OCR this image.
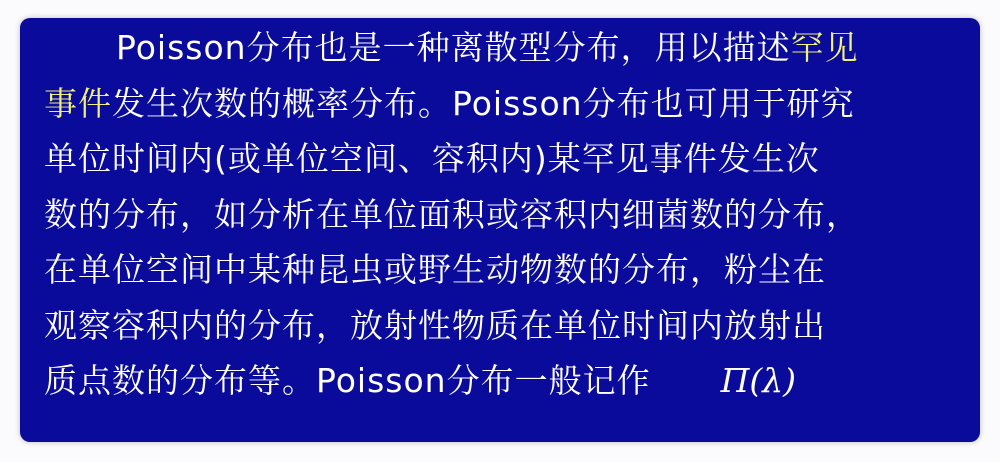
Poisson分布也是一种离散型分布，用以描述罕见
事件发生次数的概率分布。Poisson分布也可用于研究
单位时间内(或单位空间、容积内)某罕见事件发生次
数的分布，如分析在单位面积或容积内细菌数的分布，
在单位空间中某种昆虫或野生动物数的分布，粉尘在
观察容积内的分布，放射性物质在单位时间内放射出
质点数的分布等。Poisson分布一般记作 Π(λ)
